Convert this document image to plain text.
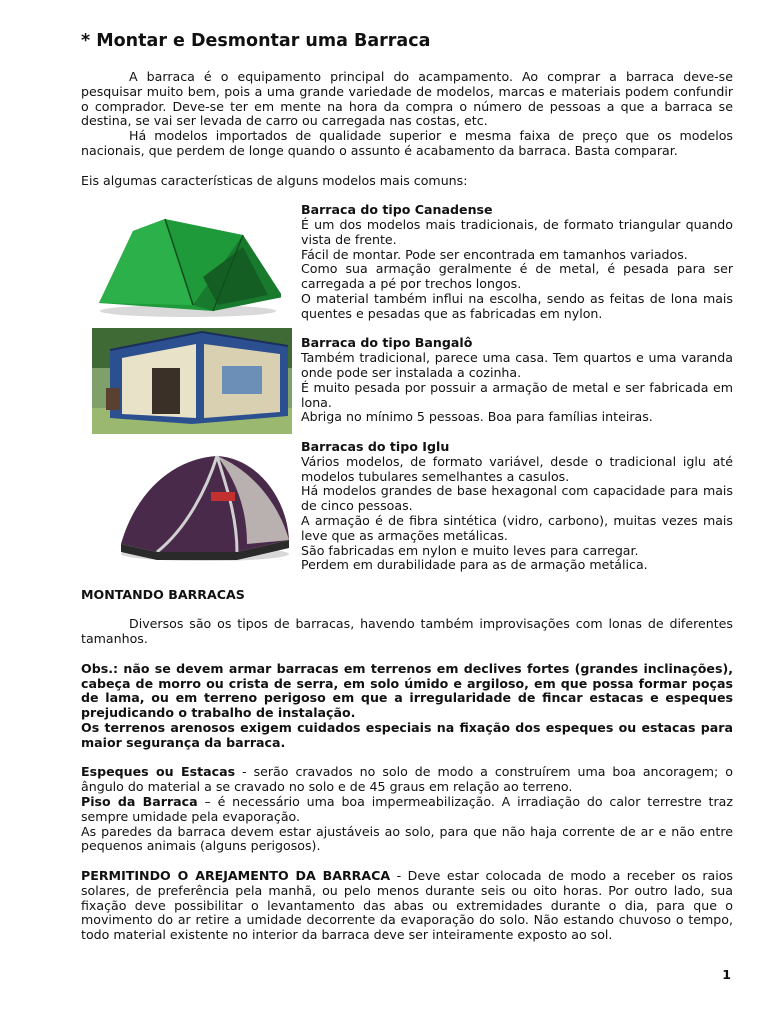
* Montar e Desmontar uma Barraca

A barraca é o equipamento principal do acampamento. Ao comprar a barraca deve-se pesquisar muito bem, pois a uma grande variedade de modelos, marcas e materiais podem confundir o comprador. Deve-se ter em mente na hora da compra o número de pessoas a que a barraca se destina, se vai ser levada de carro ou carregada nas costas, etc.

Há modelos importados de qualidade superior e mesma faixa de preço que os modelos nacionais, que perdem de longe quando o assunto é acabamento da barraca. Basta comparar.

Eis algumas características de alguns modelos mais comuns:

Barraca do tipo Canadense

É um dos modelos mais tradicionais, de formato triangular quando vista de frente.

Fácil de montar. Pode ser encontrada em tamanhos variados.

Como sua armação geralmente é de metal, é pesada para ser carregada a pé por trechos longos.

O material também influi na escolha, sendo as feitas de lona mais quentes e pesadas que as fabricadas em nylon.

Barraca do tipo Bangalô

Também tradicional, parece uma casa. Tem quartos e uma varanda onde pode ser instalada a cozinha.

É muito pesada por possuir a armação de metal e ser fabricada em lona.

Abriga no mínimo 5 pessoas. Boa para famílias inteiras.

Barracas do tipo Iglu

Vários modelos, de formato variável, desde o tradicional iglu até modelos tubulares semelhantes a casulos.

Há modelos grandes de base hexagonal com capacidade para mais de cinco pessoas.

A armação é de fibra sintética (vidro, carbono), muitas vezes mais leve que as armações metálicas.

São fabricadas em nylon e muito leves para carregar.

Perdem em durabilidade para as de armação metálica.

MONTANDO BARRACAS

Diversos são os tipos de barracas, havendo também improvisações com lonas de diferentes tamanhos.

Obs.: não se devem armar barracas em terrenos em declives fortes (grandes inclinações), cabeça de morro ou crista de serra, em solo úmido e argiloso, em que possa formar poças de lama, ou em terreno perigoso em que a irregularidade de fincar estacas e espeques prejudicando o trabalho de instalação.

Os terrenos arenosos exigem cuidados especiais na fixação dos espeques ou estacas para maior segurança da barraca.

Espeques ou Estacas - serão cravados no solo de modo a construírem uma boa ancoragem; o ângulo do material a se cravado no solo e de 45 graus em relação ao terreno.

Piso da Barraca – é necessário uma boa impermeabilização. A irradiação do calor terrestre traz sempre umidade pela evaporação.

As paredes da barraca devem estar ajustáveis ao solo, para que não haja corrente de ar e não entre pequenos animais (alguns perigosos).

PERMITINDO O AREJAMENTO DA BARRACA - Deve estar colocada de modo a receber os raios solares, de preferência pela manhã, ou pelo menos durante seis ou oito horas. Por outro lado, sua fixação deve possibilitar o levantamento das abas ou extremidades durante o dia, para que o movimento do ar retire a umidade decorrente da evaporação do solo. Não estando chuvoso o tempo, todo material existente no interior da barraca deve ser inteiramente exposto ao sol.

1
